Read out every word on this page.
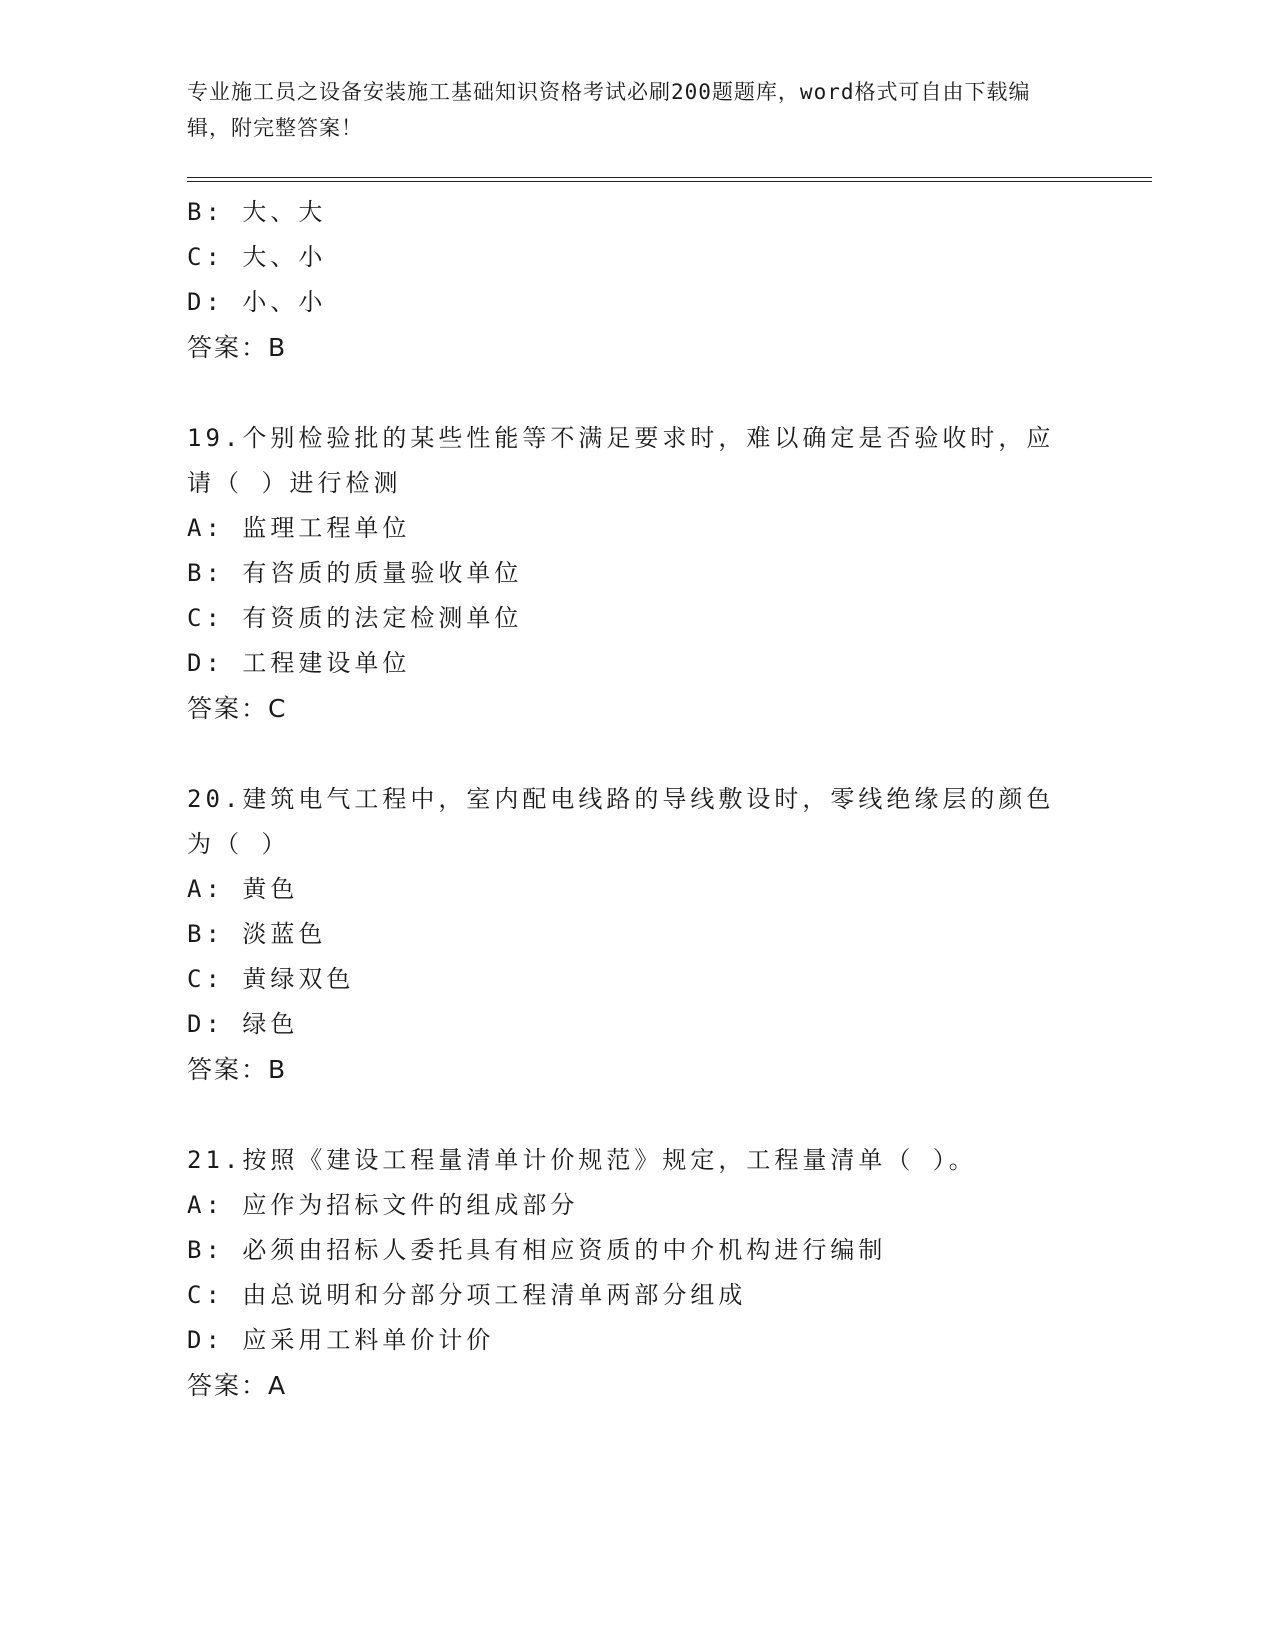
专业施工员之设备安装施工基础知识资格考试必刷200题题库，word格式可自由下载编辑，附完整答案！
B: 大、大
C: 大、小
D: 小、小
答案：B
19.个别检验批的某些性能等不满足要求时，难以确定是否验收时，应请（ ）进行检测
A: 监理工程单位
B: 有咨质的质量验收单位
C: 有资质的法定检测单位
D: 工程建设单位
答案：C
20.建筑电气工程中，室内配电线路的导线敷设时，零线绝缘层的颜色为（ ）
A: 黄色
B: 淡蓝色
C: 黄绿双色
D: 绿色
答案：B
21.按照《建设工程量清单计价规范》规定，工程量清单（ ）。
A: 应作为招标文件的组成部分
B: 必须由招标人委托具有相应资质的中介机构进行编制
C: 由总说明和分部分项工程清单两部分组成
D: 应采用工料单价计价
答案：A
